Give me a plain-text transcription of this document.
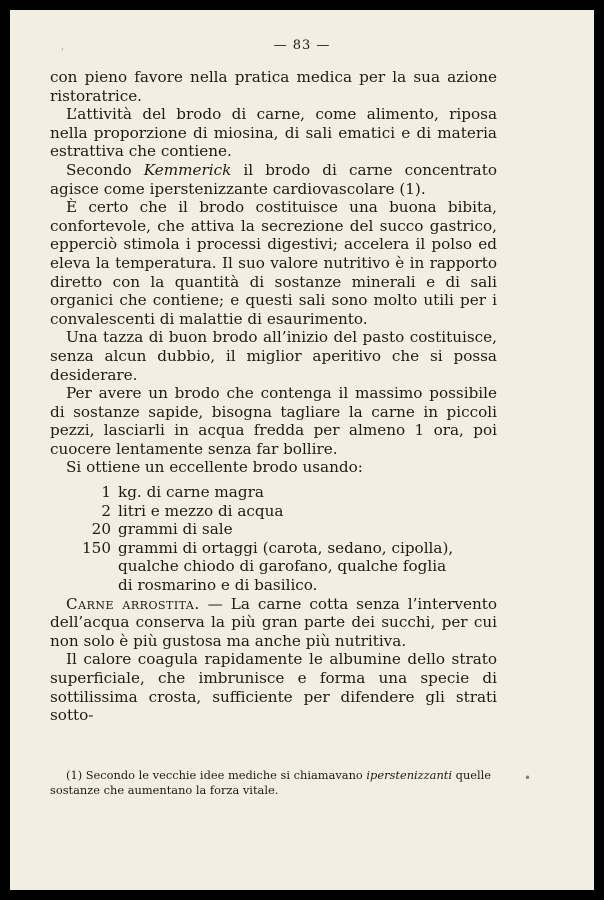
ʼ	— 83 —

con pieno favore nella pratica medica per la sua azione ristoratrice.

L’attività del brodo di carne, come alimento, riposa nella proporzione di miosina, di sali ematici e di materia estrattiva che contiene.

Secondo Kemmerick il brodo di carne concentrato agisce come iperstenizzante cardiovascolare (1).

È certo che il brodo costituisce una buona bibita, confortevole, che attiva la secrezione del succo gastrico, epperciò stimola i processi digestivi; accelera il polso ed eleva la temperatura. Il suo valore nutritivo è in rapporto diretto con la quantità di sostanze minerali e di sali organici che contiene; e questi sali sono molto utili per i convalescenti di malattie di esaurimento.

Una tazza di buon brodo all’inizio del pasto costituisce, senza alcun dubbio, il miglior aperitivo che si possa desiderare.

Per avere un brodo che contenga il massimo possibile di sostanze sapide, bisogna tagliare la carne in piccoli pezzi, lasciarli in acqua fredda per almeno 1 ora, poi cuocere lentamente senza far bollire.

Si ottiene un eccellente brodo usando:

1 kg. di carne magra
2 litri e mezzo di acqua
20 grammi di sale
150 grammi di ortaggi (carota, sedano, cipolla),
qualche chiodo di garofano, qualche foglia
di rosmarino e di basilico.

Carne arrostita. — La carne cotta senza l’intervento dell’acqua conserva la più gran parte dei succhi, per cui non solo è più gustosa ma anche più nutritiva.

Il calore coagula rapidamente le albumine dello strato superficiale, che imbrunisce e forma una specie di sottilissima crosta, sufficiente per difendere gli strati sotto-

(1) Secondo le vecchie idee mediche si chiamavano iperstenizzanti quelle sostanze che aumentano la forza vitale.
•
